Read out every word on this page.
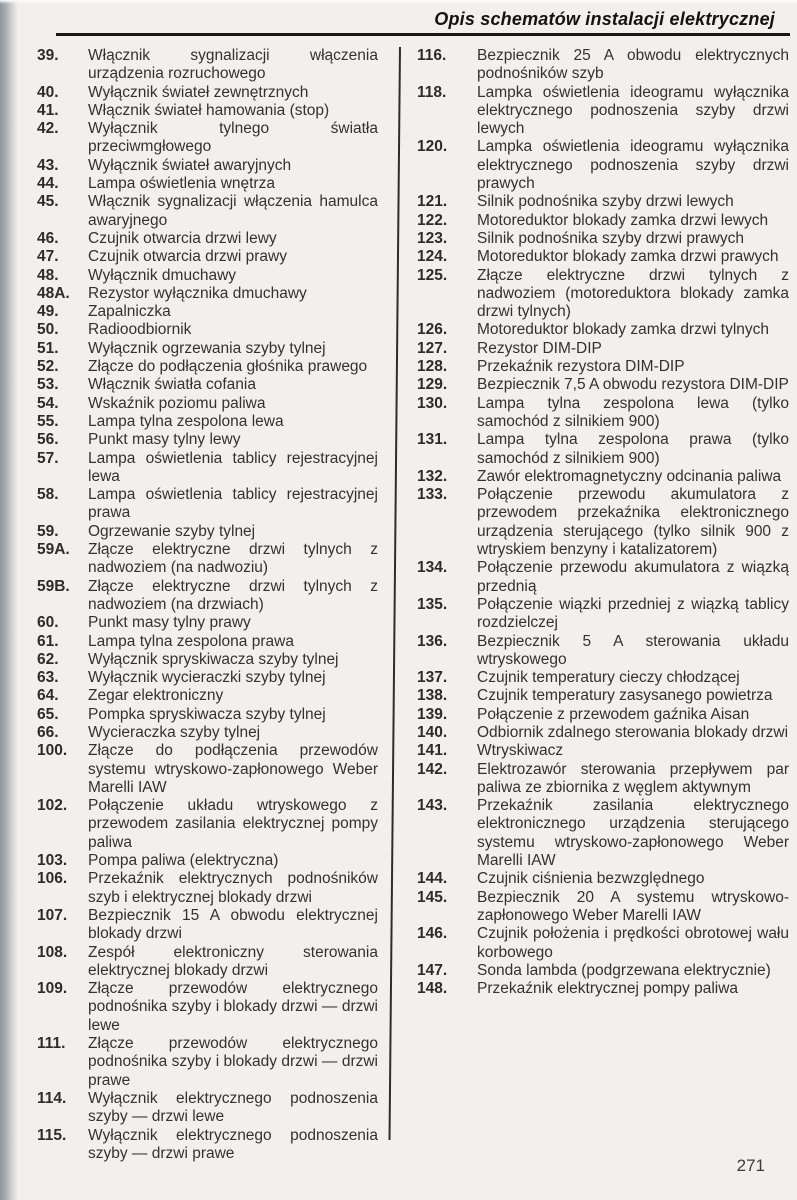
Opis schematów instalacji elektrycznej
39.	Włącznik sygnalizacji włączenia urządzenia rozruchowego
40.	Wyłącznik świateł zewnętrznych
41.	Włącznik świateł hamowania (stop)
42.	Wyłącznik tylnego światła przeciwmgłowego
43.	Wyłącznik świateł awaryjnych
44.	Lampa oświetlenia wnętrza
45.	Włącznik sygnalizacji włączenia hamulca awaryjnego
46.	Czujnik otwarcia drzwi lewy
47.	Czujnik otwarcia drzwi prawy
48.	Wyłącznik dmuchawy
48A.	Rezystor wyłącznika dmuchawy
49.	Zapalniczka
50.	Radioodbiornik
51.	Wyłącznik ogrzewania szyby tylnej
52.	Złącze do podłączenia głośnika prawego
53.	Włącznik światła cofania
54.	Wskaźnik poziomu paliwa
55.	Lampa tylna zespolona lewa
56.	Punkt masy tylny lewy
57.	Lampa oświetlenia tablicy rejestracyjnej lewa
58.	Lampa oświetlenia tablicy rejestracyjnej prawa
59.	Ogrzewanie szyby tylnej
59A.	Złącze elektryczne drzwi tylnych z nadwoziem (na nadwoziu)
59B.	Złącze elektryczne drzwi tylnych z nadwoziem (na drzwiach)
60.	Punkt masy tylny prawy
61.	Lampa tylna zespolona prawa
62.	Wyłącznik spryskiwacza szyby tylnej
63.	Wyłącznik wycieraczki szyby tylnej
64.	Zegar elektroniczny
65.	Pompka spryskiwacza szyby tylnej
66.	Wycieraczka szyby tylnej
100.	Złącze do podłączenia przewodów systemu wtryskowo-zapłonowego Weber Marelli IAW
102.	Połączenie układu wtryskowego z przewodem zasilania elektrycznej pompy paliwa
103.	Pompa paliwa (elektryczna)
106.	Przekaźnik elektrycznych podnośników szyb i elektrycznej blokady drzwi
107.	Bezpiecznik 15 A obwodu elektrycznej blokady drzwi
108.	Zespół elektroniczny sterowania elektrycznej blokady drzwi
109.	Złącze przewodów elektrycznego podnośnika szyby i blokady drzwi — drzwi lewe
111.	Złącze przewodów elektrycznego podnośnika szyby i blokady drzwi — drzwi prawe
114.	Wyłącznik elektrycznego podnoszenia szyby — drzwi lewe
115.	Wyłącznik elektrycznego podnoszenia szyby — drzwi prawe
116.	Bezpiecznik 25 A obwodu elektrycznych podnośników szyb
118.	Lampka oświetlenia ideogramu wyłącznika elektrycznego podnoszenia szyby drzwi lewych
120.	Lampka oświetlenia ideogramu wyłącznika elektrycznego podnoszenia szyby drzwi prawych
121.	Silnik podnośnika szyby drzwi lewych
122.	Motoreduktor blokady zamka drzwi lewych
123.	Silnik podnośnika szyby drzwi prawych
124.	Motoreduktor blokady zamka drzwi prawych
125.	Złącze elektryczne drzwi tylnych z nadwoziem (motoreduktora blokady zamka drzwi tylnych)
126.	Motoreduktor blokady zamka drzwi tylnych
127.	Rezystor DIM-DIP
128.	Przekaźnik rezystora DIM-DIP
129.	Bezpiecznik 7,5 A obwodu rezystora DIM-DIP
130.	Lampa tylna zespolona lewa (tylko samochód z silnikiem 900)
131.	Lampa tylna zespolona prawa (tylko samochód z silnikiem 900)
132.	Zawór elektromagnetyczny odcinania paliwa
133.	Połączenie przewodu akumulatora z przewodem przekaźnika elektronicznego urządzenia sterującego (tylko silnik 900 z wtryskiem benzyny i katalizatorem)
134.	Połączenie przewodu akumulatora z wiązką przednią
135.	Połączenie wiązki przedniej z wiązką tablicy rozdzielczej
136.	Bezpiecznik 5 A sterowania układu wtryskowego
137.	Czujnik temperatury cieczy chłodzącej
138.	Czujnik temperatury zasysanego powietrza
139.	Połączenie z przewodem gaźnika Aisan
140.	Odbiornik zdalnego sterowania blokady drzwi
141.	Wtryskiwacz
142.	Elektrozawór sterowania przepływem par paliwa ze zbiornika z węglem aktywnym
143.	Przekaźnik zasilania elektrycznego elektronicznego urządzenia sterującego systemu wtryskowo-zapłonowego Weber Marelli IAW
144.	Czujnik ciśnienia bezwzględnego
145.	Bezpiecznik 20 A systemu wtryskowo-zapłonowego Weber Marelli IAW
146.	Czujnik położenia i prędkości obrotowej wału korbowego
147.	Sonda lambda (podgrzewana elektrycznie)
148.	Przekaźnik elektrycznej pompy paliwa
271
